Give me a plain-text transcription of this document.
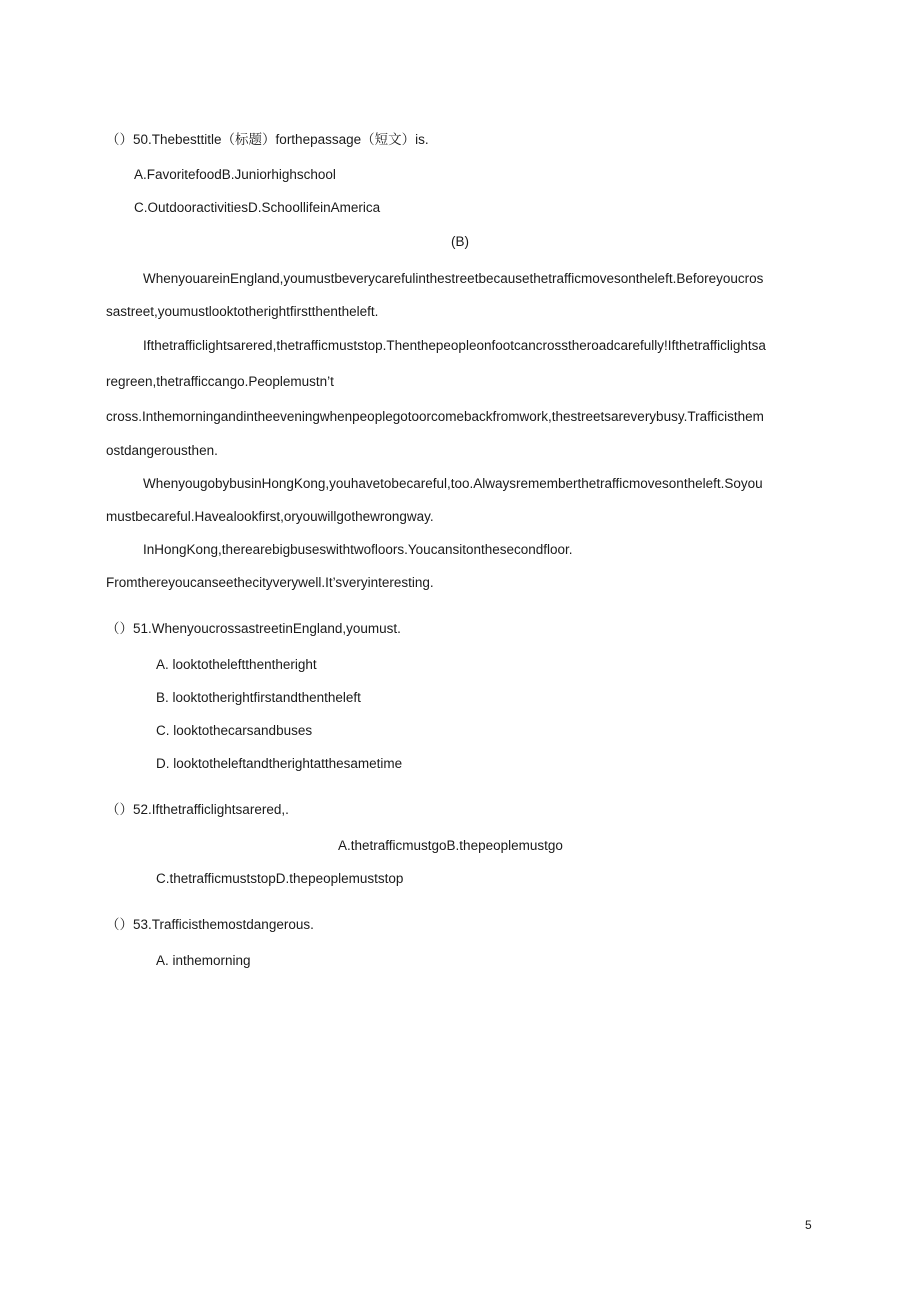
（）50.Thebesttitle（标题）forthepassage（短文）is.
A.FavoritefoodB.Juniorhighschool
C.OutdooractivitiesD.SchoollifeinAmerica
(B)
WhenyouareinEngland,youmustbeverycarefulinthestreetbecausethetrafficmovesontheleft.Beforeyoucros
sastreet,youmustlooktotherightfirstthentheleft.
Ifthetrafficlightsarered,thetrafficmuststop.Thenthepeopleonfootcancrosstheroadcarefully!Ifthetrafficlightsa
regreen,thetrafficcango.Peoplemustn’t
cross.Inthemorningandintheeveningwhenpeoplegotoorcomebackfromwork,thestreetsareverybusy.Trafficisthem
ostdangerousthen.
WhenyougobybusinHongKong,youhavetobecareful,too.Alwaysrememberthetrafficmovesontheleft.Soyou
mustbecareful.Havealookfirst,oryouwillgothewrongway.
InHongKong,therearebigbuseswithtwofloors.Youcansitonthesecondfloor.
Fromthereyoucanseethecityverywell.It’sveryinteresting.
（）51.WhenyoucrossastreetinEngland,youmust.
A. looktotheleftthentheright
B. looktotherightfirstandthentheleft
C. looktothecarsandbuses
D. looktotheleftandtherightatthesametime
（）52.Ifthetrafficlightsarered,.
A.thetrafficmustgoB.thepeoplemustgo
C.thetrafficmuststopD.thepeoplemuststop
（）53.Trafficisthemostdangerous.
A. inthemorning
5
